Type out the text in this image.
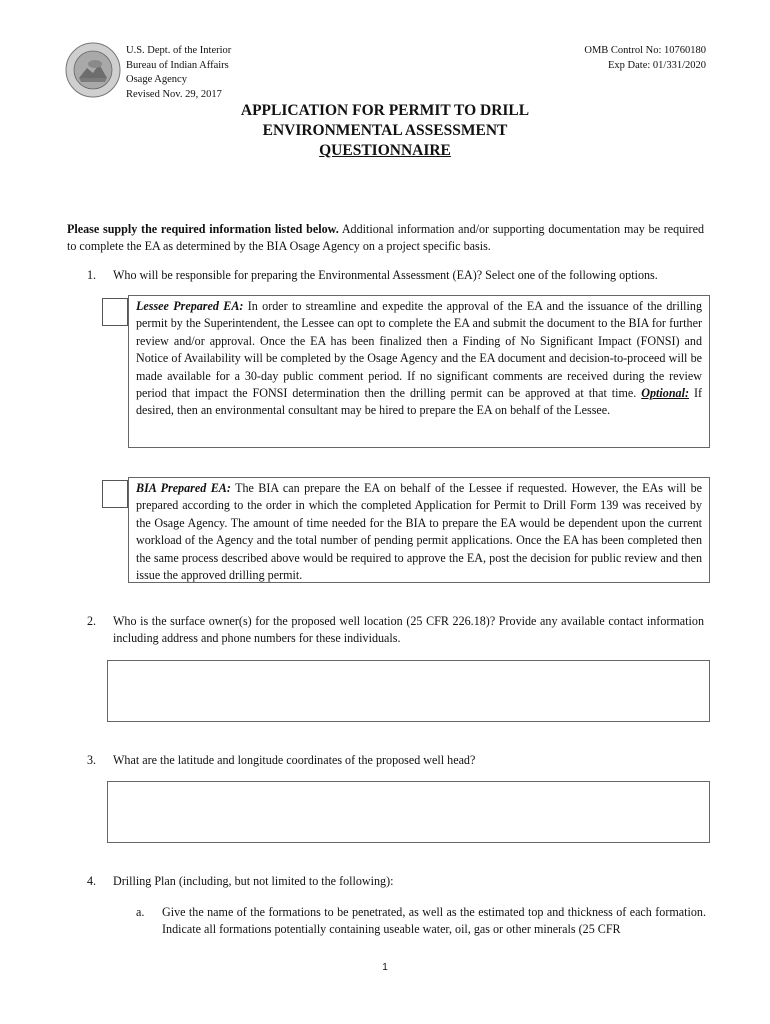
U.S. Dept. of the Interior
Bureau of Indian Affairs
Osage Agency
Revised Nov. 29, 2017
OMB Control No: 10760180
Exp Date: 01/331/2020
APPLICATION FOR PERMIT TO DRILL
ENVIRONMENTAL ASSESSMENT
QUESTIONNAIRE
Please supply the required information listed below. Additional information and/or supporting documentation may be required to complete the EA as determined by the BIA Osage Agency on a project specific basis.
1.	Who will be responsible for preparing the Environmental Assessment (EA)? Select one of the following options.
Lessee Prepared EA: In order to streamline and expedite the approval of the EA and the issuance of the drilling permit by the Superintendent, the Lessee can opt to complete the EA and submit the document to the BIA for further review and/or approval. Once the EA has been finalized then a Finding of No Significant Impact (FONSI) and Notice of Availability will be completed by the Osage Agency and the EA document and decision-to-proceed will be made available for a 30-day public comment period. If no significant comments are received during the review period that impact the FONSI determination then the drilling permit can be approved at that time. Optional: If desired, then an environmental consultant may be hired to prepare the EA on behalf of the Lessee.
BIA Prepared EA: The BIA can prepare the EA on behalf of the Lessee if requested. However, the EAs will be prepared according to the order in which the completed Application for Permit to Drill Form 139 was received by the Osage Agency. The amount of time needed for the BIA to prepare the EA would be dependent upon the current workload of the Agency and the total number of pending permit applications. Once the EA has been completed then the same process described above would be required to approve the EA, post the decision for public review and then issue the approved drilling permit.
2.	Who is the surface owner(s) for the proposed well location (25 CFR 226.18)? Provide any available contact information including address and phone numbers for these individuals.
3.	What are the latitude and longitude coordinates of the proposed well head?
4.	Drilling Plan (including, but not limited to the following):
a.	Give the name of the formations to be penetrated, as well as the estimated top and thickness of each formation. Indicate all formations potentially containing useable water, oil, gas or other minerals (25 CFR
1
